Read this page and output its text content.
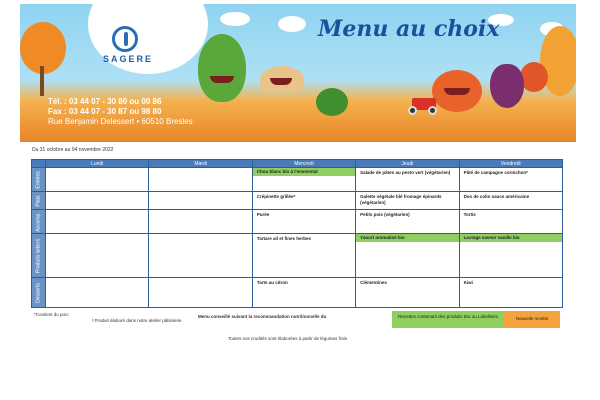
SAGERE
Menu au choix
Tél. : 03 44 07 - 30 80 ou 00 86
Fax : 03 44 07 - 30 87 ou 98 80
Rue Benjamin Delessert • 60510 Bresles
Du 31 octobre au 04 novembre 2022
	Lundi	Mardi	Mercredi	Jeudi	Vendredi

Entrées			Chou blanc bio à l'emmental	Salade de pâtes au pesto vert (végétarien)	Pâté de campagne cornichon*

Plats			Crépinette grillée*	Galette végétale blé fromage épinards (végétarien)	Dos de colin sauce américaine

Accomp.			Purée	Petits pois (végétarien)	Tortis

Produits laitiers			Tartare ail et fines herbes	Yaourt aromatisé bio	Lactage saveur vanille bio

Desserts			Tarte au citron	Clémentines	Kiwi
*Contient du porc
\ Produit élaboré dans notre atelier pâtisserie
Menu conseillé suivant la recommandation nutritionnelle du	Recettes contenant des produits Bio ou Labellisés	Nouvelle recette
Toutes nos crudités sont élaborées à partir de légumes frais
